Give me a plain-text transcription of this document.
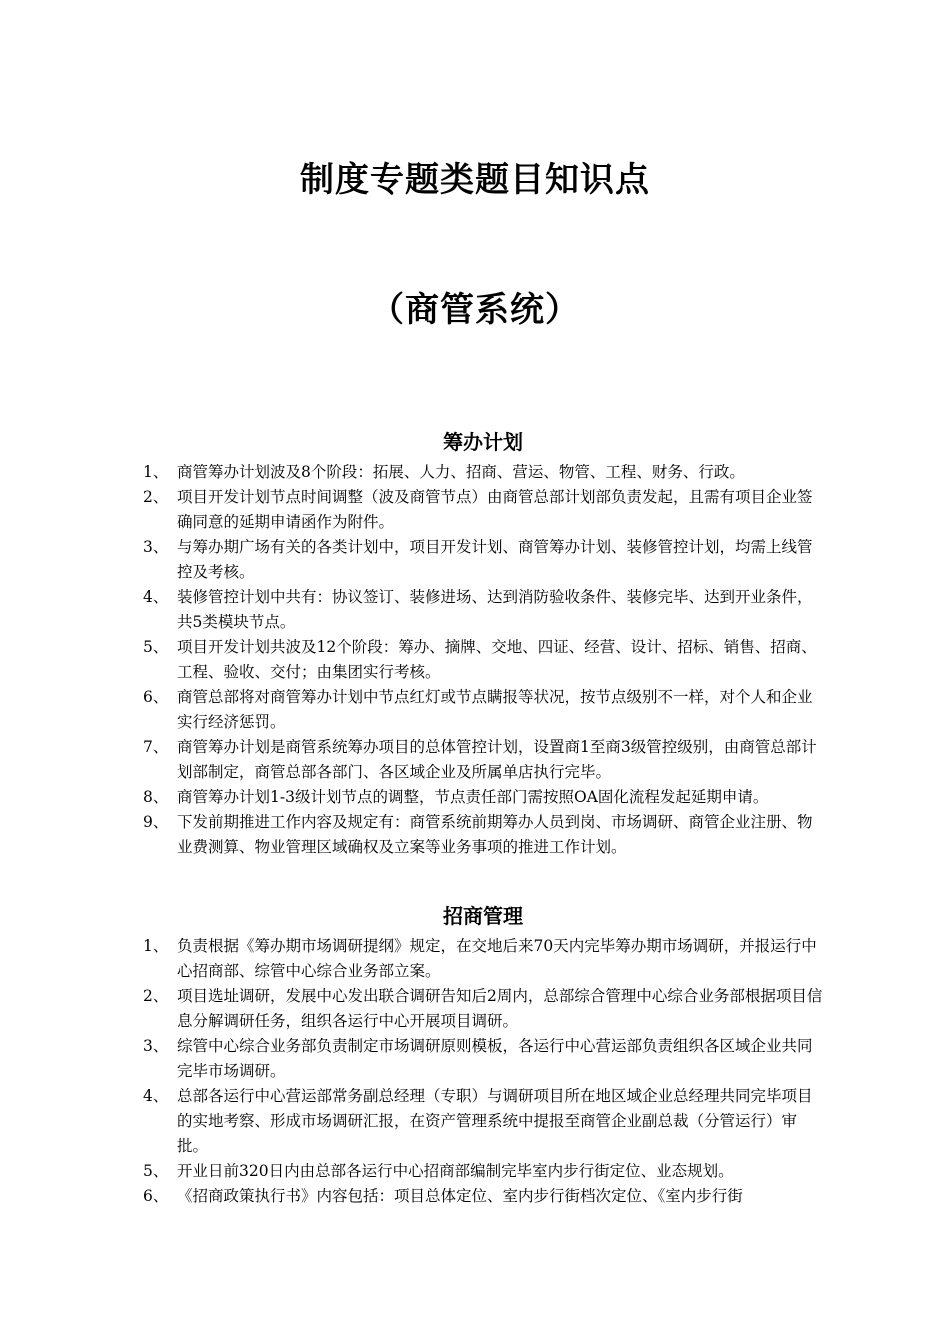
制度专题类题目知识点
（商管系统）
筹办计划
1、 商管筹办计划波及8个阶段：拓展、人力、招商、营运、物管、工程、财务、行政。
2、 项目开发计划节点时间调整（波及商管节点）由商管总部计划部负责发起，且需有项目企业签确同意的延期申请函作为附件。
3、 与筹办期广场有关的各类计划中，项目开发计划、商管筹办计划、装修管控计划，均需上线管控及考核。
4、 装修管控计划中共有：协议签订、装修进场、达到消防验收条件、装修完毕、达到开业条件，共5类模块节点。
5、 项目开发计划共波及12个阶段：筹办、摘牌、交地、四证、经营、设计、招标、销售、招商、工程、验收、交付；由集团实行考核。
6、 商管总部将对商管筹办计划中节点红灯或节点瞒报等状况，按节点级别不一样，对个人和企业实行经济惩罚。
7、 商管筹办计划是商管系统筹办项目的总体管控计划，设置商1至商3级管控级别，由商管总部计划部制定，商管总部各部门、各区域企业及所属单店执行完毕。
8、 商管筹办计划1-3级计划节点的调整，节点责任部门需按照OA固化流程发起延期申请。
9、 下发前期推进工作内容及规定有：商管系统前期筹办人员到岗、市场调研、商管企业注册、物业费测算、物业管理区域确权及立案等业务事项的推进工作计划。
招商管理
1、 负责根据《筹办期市场调研提纲》规定，在交地后来70天内完毕筹办期市场调研，并报运行中心招商部、综管中心综合业务部立案。
2、 项目选址调研，发展中心发出联合调研告知后2周内，总部综合管理中心综合业务部根据项目信息分解调研任务，组织各运行中心开展项目调研。
3、 综管中心综合业务部负责制定市场调研原则模板，各运行中心营运部负责组织各区域企业共同完毕市场调研。
4、 总部各运行中心营运部常务副总经理（专职）与调研项目所在地区域企业总经理共同完毕项目的实地考察、形成市场调研汇报，在资产管理系统中提报至商管企业副总裁（分管运行）审批。
5、 开业日前320日内由总部各运行中心招商部编制完毕室内步行街定位、业态规划。
6、 《招商政策执行书》内容包括：项目总体定位、室内步行街档次定位、《室内步行街
